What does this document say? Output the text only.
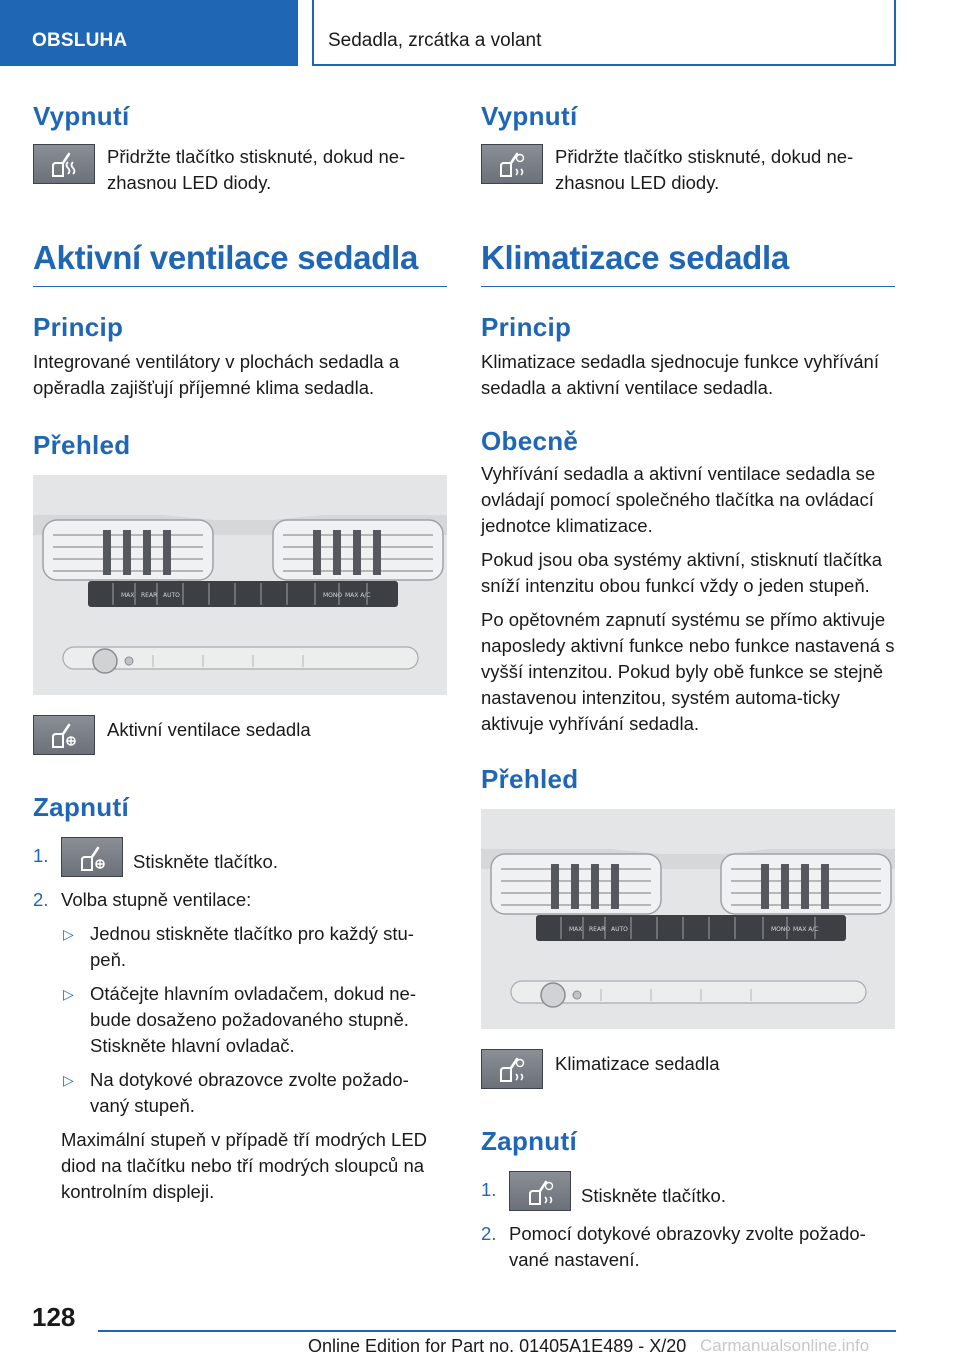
OBSLUHA	Sedadla, zrcátka a volant
Vypnutí
Přidržte tlačítko stisknuté, dokud ne‐zhasnou LED diody.
Aktivní ventilace sedadla
Princip
Integrované ventilátory v plochách sedadla a opěradla zajišťují příjemné klima sedadla.
Přehled
MAX REAR AUTO	MONO MAX A/C
Aktivní ventilace sedadla
Zapnutí
1.	Stiskněte tlačítko.
2. Volba stupně ventilace:
▷ Jednou stiskněte tlačítko pro každý stu‐peň.
▷ Otáčejte hlavním ovladačem, dokud ne‐bude dosaženo požadovaného stupně. Stiskněte hlavní ovladač.
▷ Na dotykové obrazovce zvolte požado‐vaný stupeň.
Maximální stupeň v případě tří modrých LED diod na tlačítku nebo tří modrých sloupců na kontrolním displeji.
Vypnutí
Přidržte tlačítko stisknuté, dokud ne‐zhasnou LED diody.
Klimatizace sedadla
Princip
Klimatizace sedadla sjednocuje funkce vyhřívání sedadla a aktivní ventilace sedadla.
Obecně
Vyhřívání sedadla a aktivní ventilace sedadla se ovládají pomocí společného tlačítka na ovládací jednotce klimatizace.
Pokud jsou oba systémy aktivní, stisknutí tlačítka sníží intenzitu obou funkcí vždy o jeden stupeň.
Po opětovném zapnutí systému se přímo aktivuje naposledy aktivní funkce nebo funkce nastavená s vyšší intenzitou. Pokud byly obě funkce se stejně nastavenou intenzitou, systém automa‐ticky aktivuje vyhřívání sedadla.
Přehled
MAX REAR AUTO	MONO MAX A/C
Klimatizace sedadla
Zapnutí
1.	Stiskněte tlačítko.
2. Pomocí dotykové obrazovky zvolte požado‐vané nastavení.
128
Online Edition for Part no. 01405A1E489 - X/20 Carmanualsonline.info
